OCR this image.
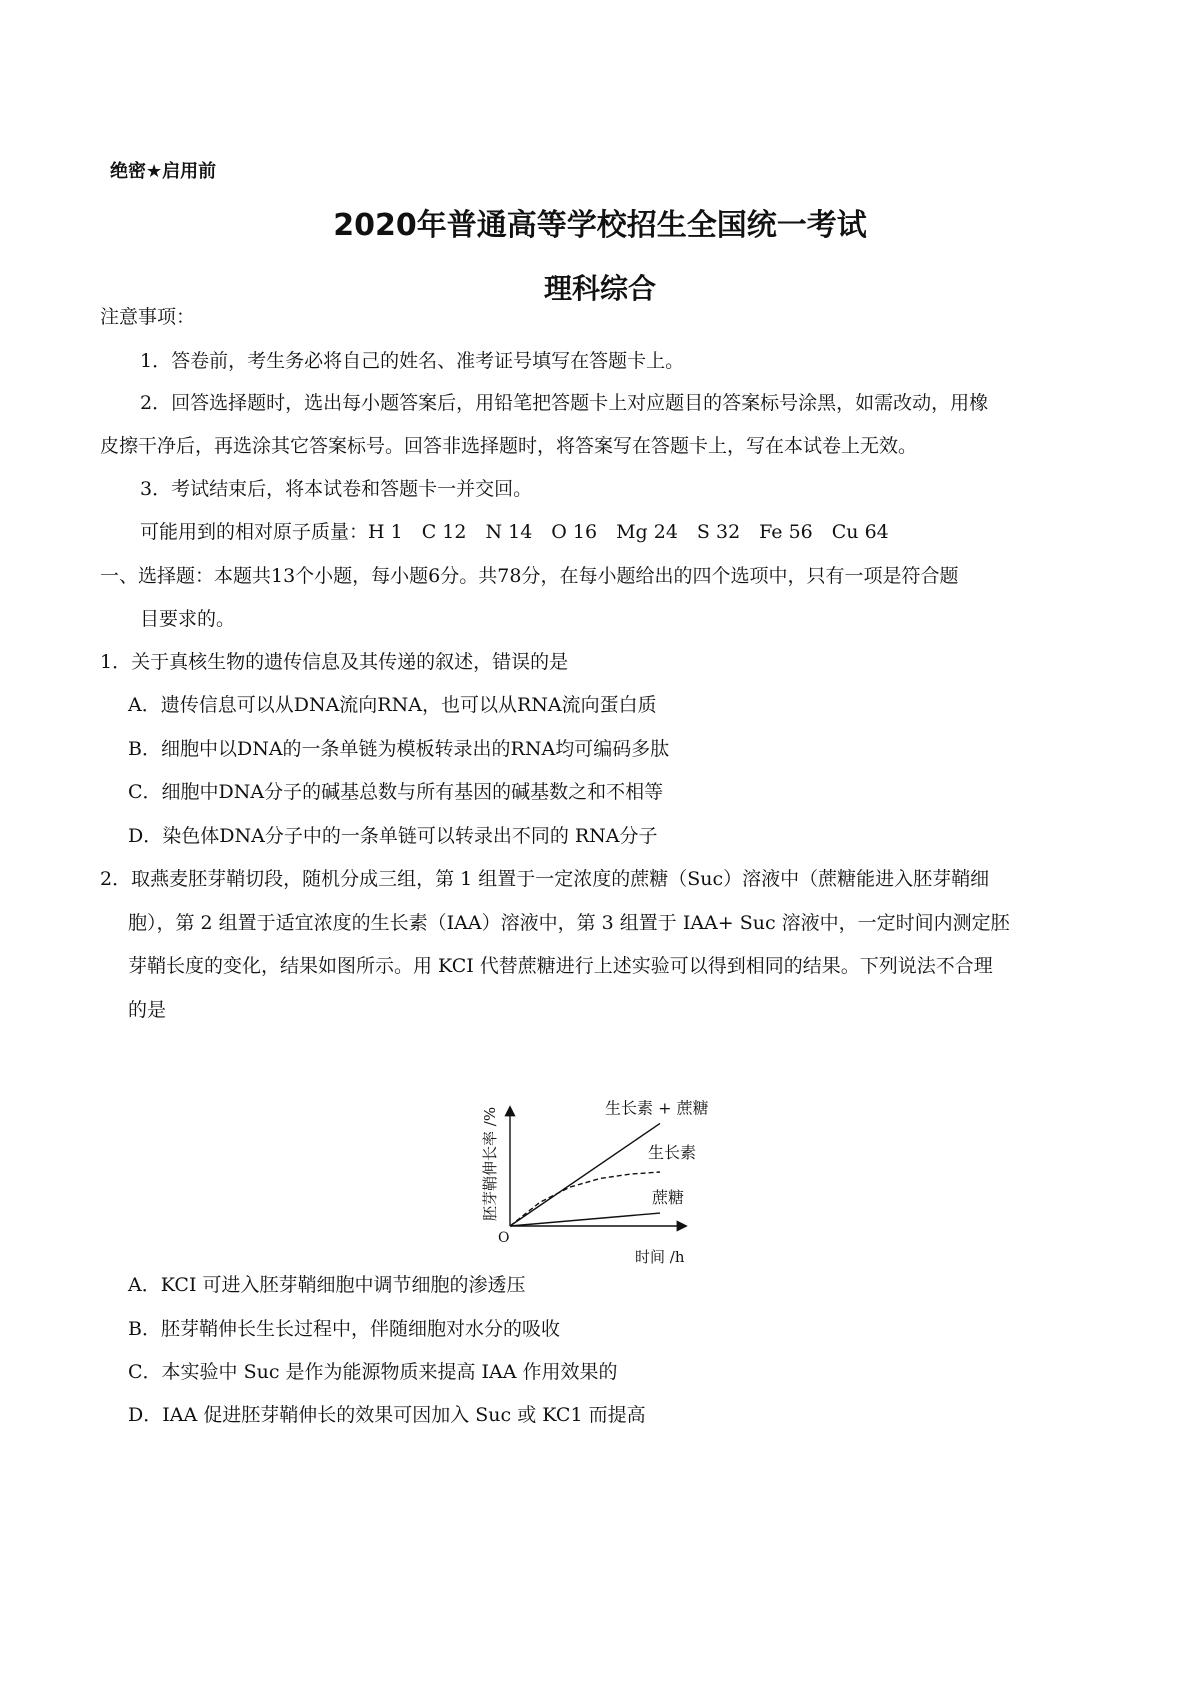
绝密★启用前
2020年普通高等学校招生全国统一考试
理科综合
注意事项：
1．答卷前，考生务必将自己的姓名、准考证号填写在答题卡上。
2．回答选择题时，选出每小题答案后，用铅笔把答题卡上对应题目的答案标号涂黑，如需改动，用橡
皮擦干净后，再选涂其它答案标号。回答非选择题时，将答案写在答题卡上，写在本试卷上无效。
3．考试结束后，将本试卷和答题卡一并交回。
可能用到的相对原子质量：H 1　C 12　N 14　O 16　Mg 24　S 32　Fe 56　Cu 64
一、选择题：本题共13个小题，每小题6分。共78分，在每小题给出的四个选项中，只有一项是符合题
目要求的。
1．关于真核生物的遗传信息及其传递的叙述，错误的是
A．遗传信息可以从DNA流向RNA，也可以从RNA流向蛋白质
B．细胞中以DNA的一条单链为模板转录出的RNA均可编码多肽
C．细胞中DNA分子的碱基总数与所有基因的碱基数之和不相等
D．染色体DNA分子中的一条单链可以转录出不同的 RNA分子
2．取燕麦胚芽鞘切段，随机分成三组，第 1 组置于一定浓度的蔗糖（Suc）溶液中（蔗糖能进入胚芽鞘细
胞），第 2 组置于适宜浓度的生长素（IAA）溶液中，第 3 组置于 IAA+ Suc 溶液中，一定时间内测定胚
芽鞘长度的变化，结果如图所示。用 KCI 代替蔗糖进行上述实验可以得到相同的结果。下列说法不合理
的是
O
时间 /h
胚芽鞘伸长率 /%	生长素 + 蔗糖
生长素
蔗糖
A．KCI 可进入胚芽鞘细胞中调节细胞的渗透压
B．胚芽鞘伸长生长过程中，伴随细胞对水分的吸收
C．本实验中 Suc 是作为能源物质来提高 IAA 作用效果的
D．IAA 促进胚芽鞘伸长的效果可因加入 Suc 或 KC1 而提高
